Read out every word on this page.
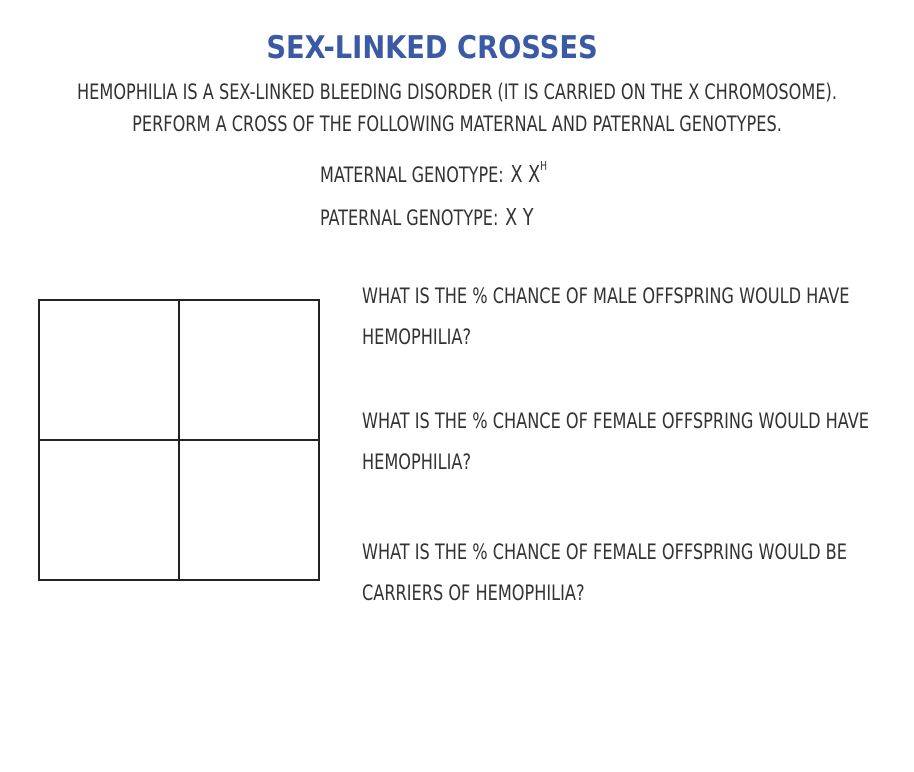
SEX-LINKED CROSSES
HEMOPHILIA IS A SEX-LINKED BLEEDING DISORDER (IT IS CARRIED ON THE X CHROMOSOME).
PERFORM A CROSS OF THE FOLLOWING MATERNAL AND PATERNAL GENOTYPES.
MATERNAL GENOTYPE: X $X^H$
PATERNAL GENOTYPE: X Y
WHAT IS THE % CHANCE OF MALE OFFSPRING WOULD HAVE
HEMOPHILIA?
WHAT IS THE % CHANCE OF FEMALE OFFSPRING WOULD HAVE
HEMOPHILIA?
WHAT IS THE % CHANCE OF FEMALE OFFSPRING WOULD BE
CARRIERS OF HEMOPHILIA?
